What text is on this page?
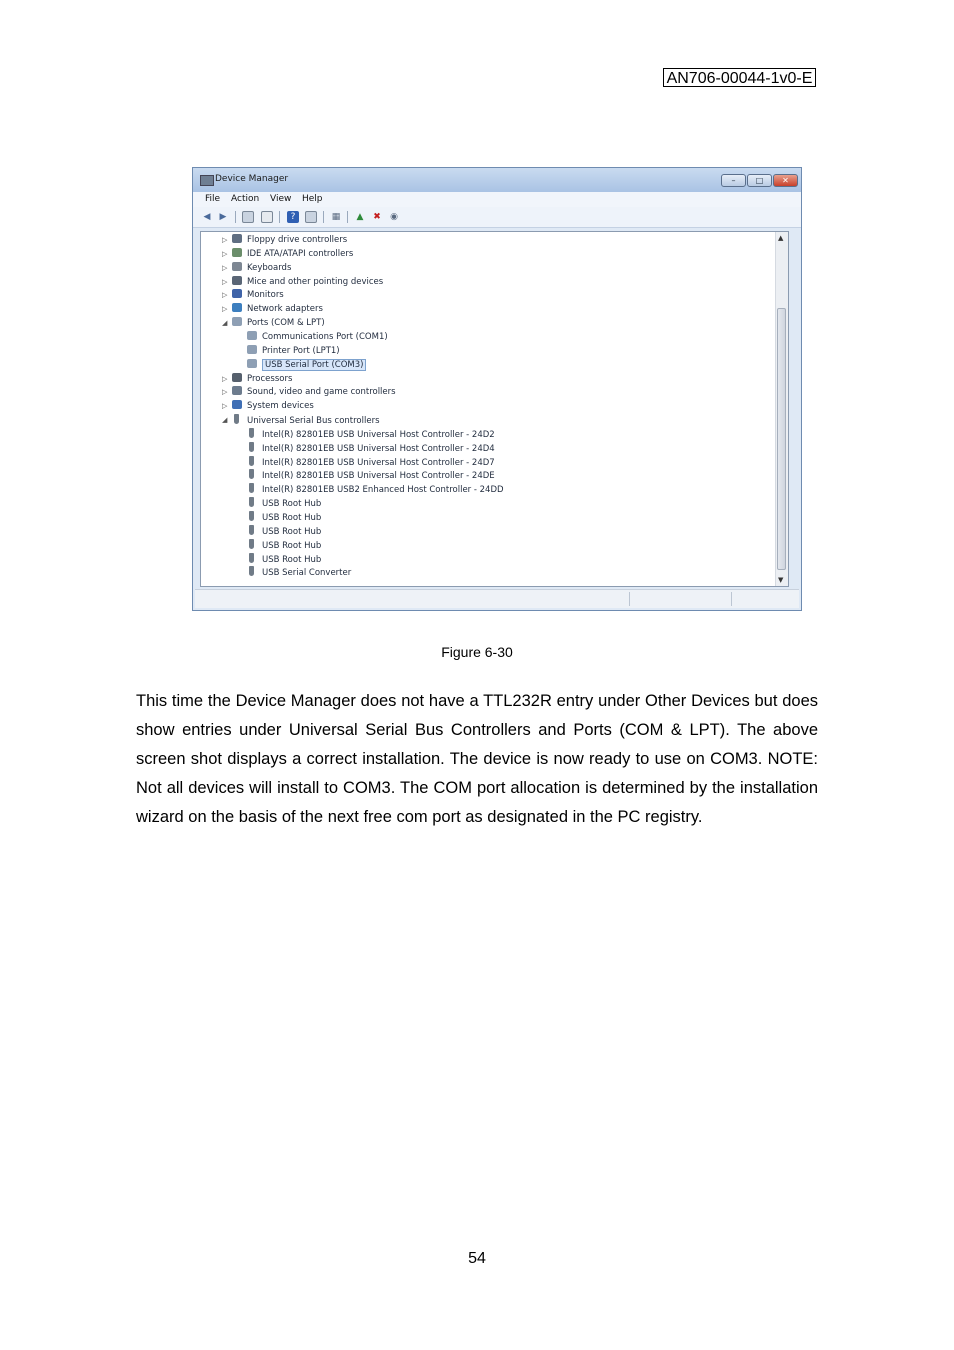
AN706-00044-1v0-E
Device Manager	–	□	✕
File Action View Help
◀ ▶	?	▦ ▲ ✖ ◉
▷	Floppy drive controllers
▷	IDE ATA/ATAPI controllers
▷	Keyboards
▷	Mice and other pointing devices
▷	Monitors
▷	Network adapters
◢	Ports (COM & LPT)
Communications Port (COM1)
Printer Port (LPT1)
USB Serial Port (COM3)
▷	Processors
▷	Sound, video and game controllers
▷	System devices
◢	Universal Serial Bus controllers
Intel(R) 82801EB USB Universal Host Controller - 24D2
Intel(R) 82801EB USB Universal Host Controller - 24D4
Intel(R) 82801EB USB Universal Host Controller - 24D7
Intel(R) 82801EB USB Universal Host Controller - 24DE
Intel(R) 82801EB USB2 Enhanced Host Controller - 24DD
USB Root Hub
USB Root Hub
USB Root Hub
USB Root Hub
USB Root Hub
USB Serial Converter
▲
▼
Figure 6-30
This time the Device Manager does not have a TTL232R entry under Other Devices but does show entries under Universal Serial Bus Controllers and Ports (COM & LPT). The above screen shot displays a correct installation. The device is now ready to use on COM3. NOTE: Not all devices will install to COM3. The COM port allocation is determined by the installation wizard on the basis of the next free com port as designated in the PC registry.
54
